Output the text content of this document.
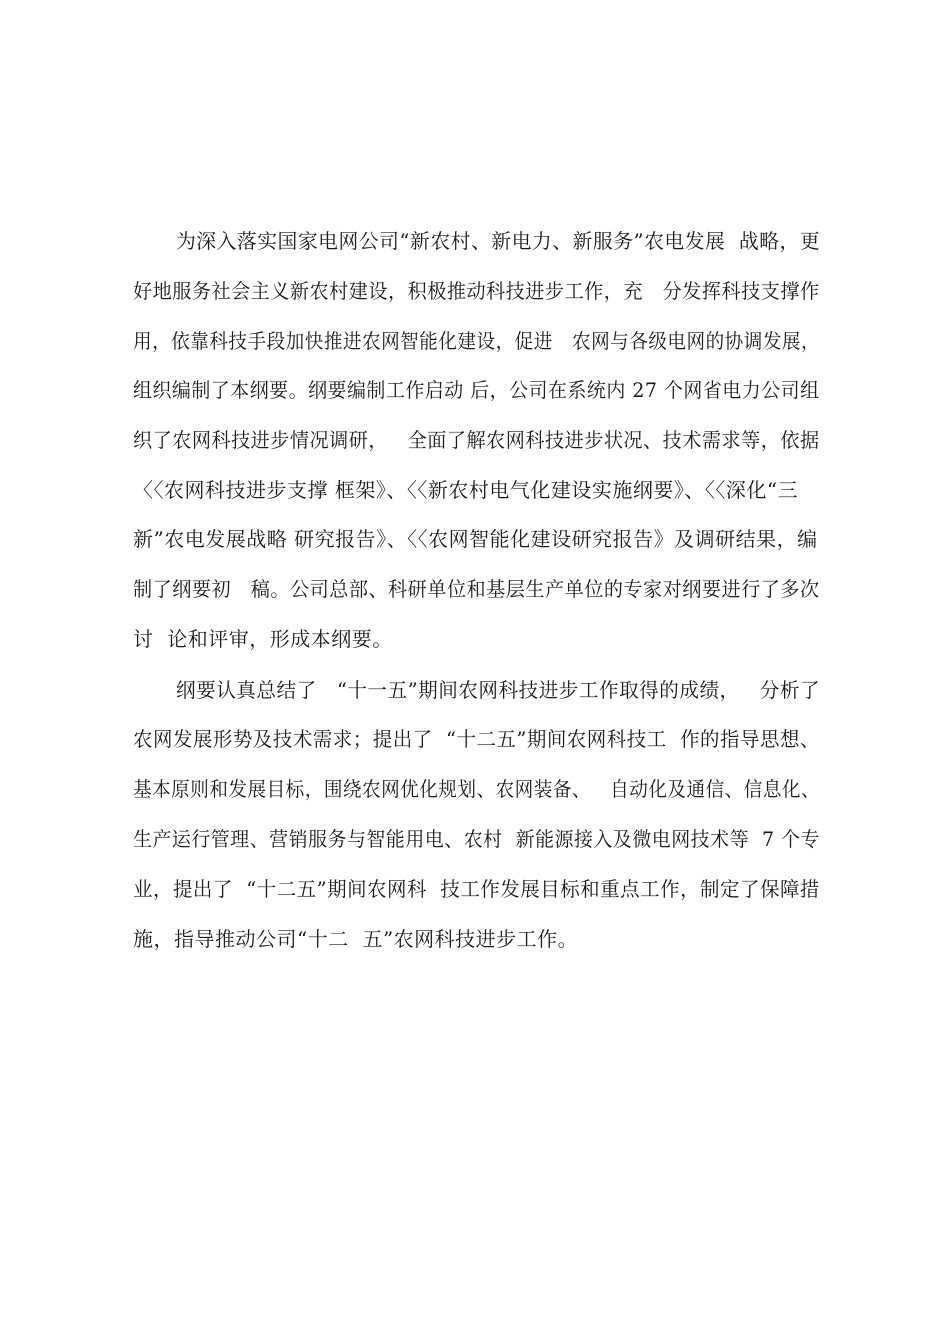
为深入落实国家电网公司“新农村、新电力、新服务”农电发展  战略，更
好地服务社会主义新农村建设，积极推动科技进步工作，充   分发挥科技支撑作
用，依靠科技手段加快推进农网智能化建设，促进   农网与各级电网的协调发展，
组织编制了本纲要。纲要编制工作启动 后，公司在系统内 27 个网省电力公司组
织了农网科技进步情况调研，   全面了解农网科技进步状况、技术需求等，依据
〈〈农网科技进步支撑 框架》、〈〈新农村电气化建设实施纲要》、〈〈深化“三
新”农电发展战略 研究报告》、〈〈农网智能化建设研究报告》及调研结果，编
制了纲要初   稿。公司总部、科研单位和基层生产单位的专家对纲要进行了多次
讨  论和评审，形成本纲要。
纲要认真总结了   “十一五”期间农网科技进步工作取得的成绩，   分析了
农网发展形势及技术需求；提出了  “十二五”期间农网科技工  作的指导思想、
基本原则和发展目标，围绕农网优化规划、农网装备、   自动化及通信、信息化、
生产运行管理、营销服务与智能用电、农村  新能源接入及微电网技术等  7 个专
业，提出了  “十二五”期间农网科  技工作发展目标和重点工作，制定了保障措
施，指导推动公司“十二  五”农网科技进步工作。
